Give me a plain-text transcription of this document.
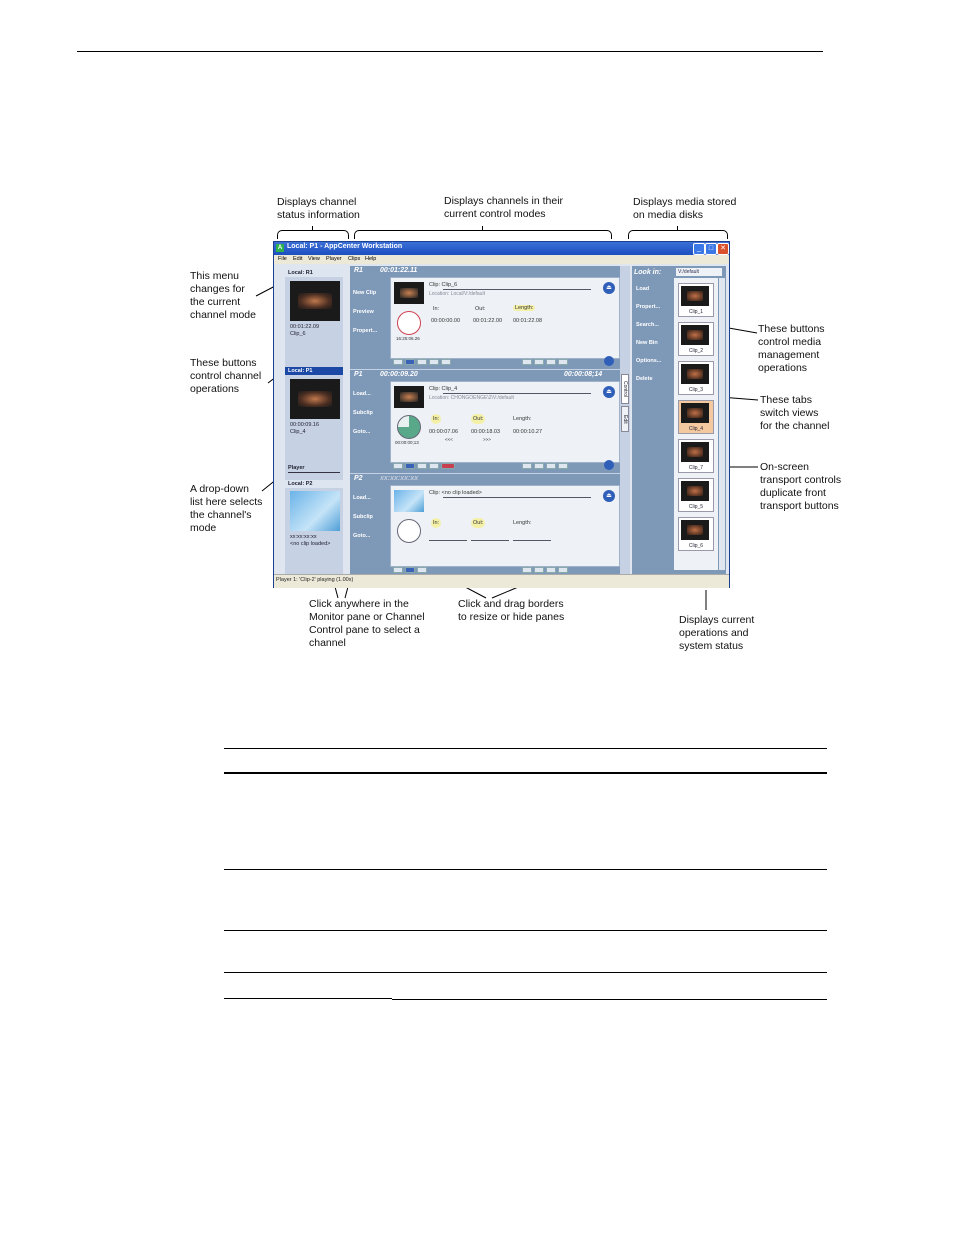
Displays channel
status information
Displays channels in their
current control modes
Displays media stored
on media disks
This menu
changes for
the current
channel mode
These buttons
control channel
operations
A drop-down
list here selects
the channel's
mode
These buttons
control media
management
operations
These tabs
switch views
for the channel
On-screen
transport controls
duplicate front
transport buttons
Click anywhere in the
Monitor pane or Channel
Control pane to select a
channel
Click and drag borders
to resize or hide panes	Displays current
operations and
system status
A Local: P1 - AppCenter Workstation	_	□ ✕
File Edit View Player Clips Help
Local: R1
00:01:22.09
Clip_6
Local: P1
00:00:09.16
Clip_4
Player
Local: P2
xx:xx:xx:xx
<no clip loaded>
R1 00:01:22.11
New Clip
Preview
Propert...
Clip: Clip_6
Location: Local/V:/default
⏏
In:	Out:	Length:
00:00:00.00 00:01:22.00 00:01:22.08
16:25:06.26
P1 00:00:09.20	00:00:08;14
Load...
Subclip
Goto...
Clip: Clip_4
Location: CHONGOENGE\2\V:/default
⏏
In:	Out:	Length:
00:00:07.06 00:00:18.03 00:00:10.27
<<<	>>>
00:00:00;13
P2 xx:xx:xx:xx
Load...
Subclip
Goto...
Clip: <no clip loaded>	⏏
In:	Out:	Length:
Control
Edit
Look in:	V:/default
Load
Propert...
Search...
New Bin
Options...
Delete
Clip_1
Clip_2
Clip_3
Clip_4
Clip_7
Clip_5
Clip_6
Player 1: 'Clip-2' playing (1.00x)
